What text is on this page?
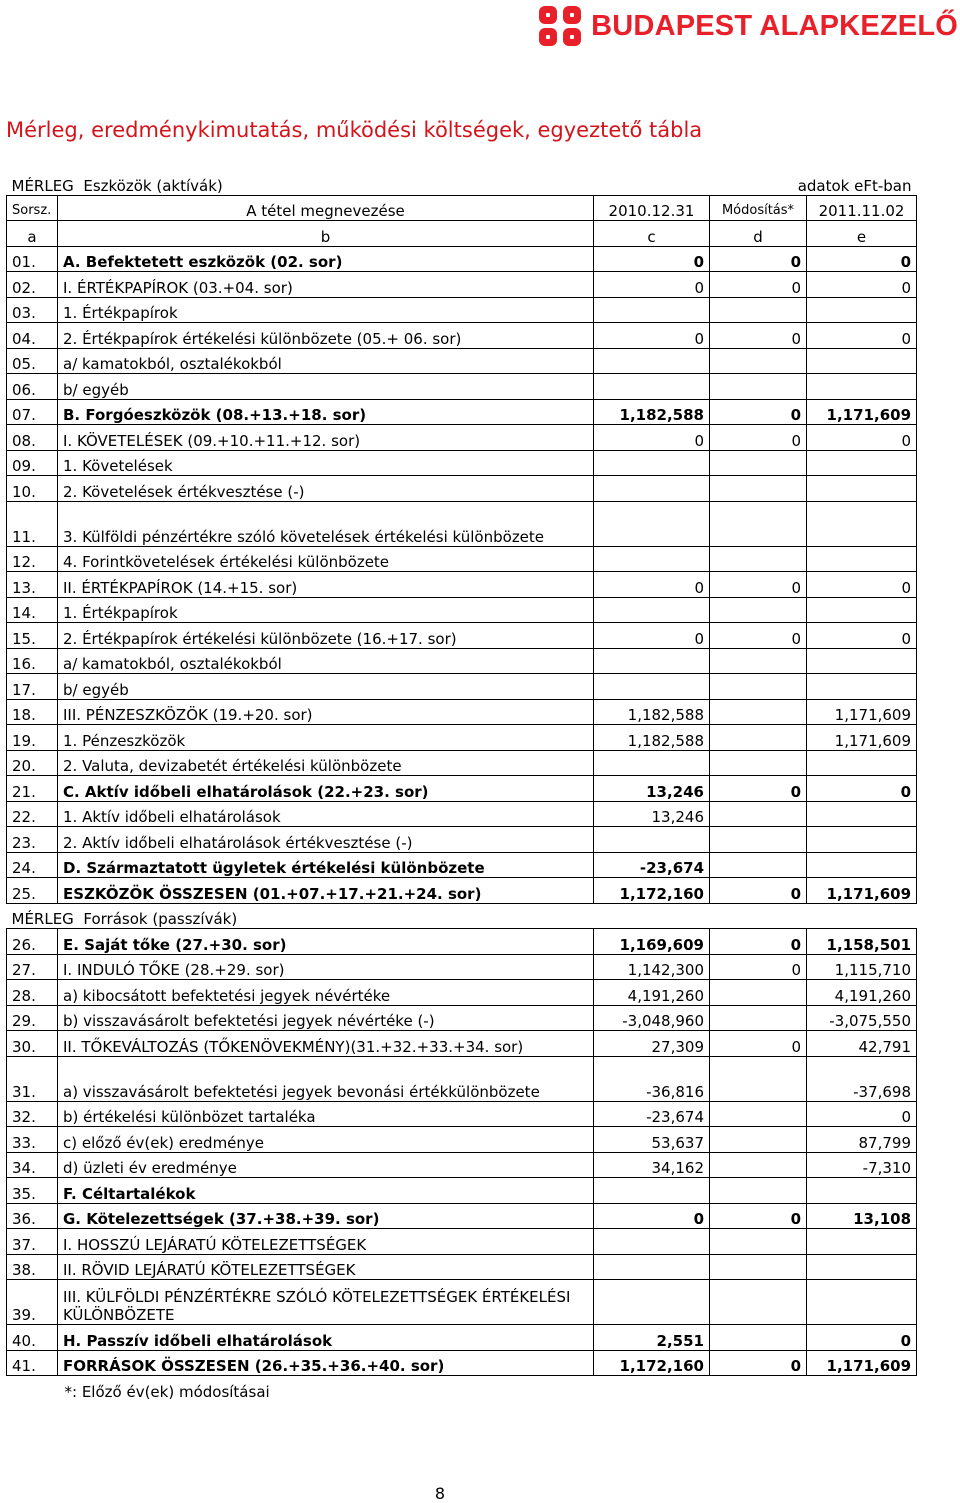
BUDAPEST ALAPKEZELŐ
Mérleg, eredménykimutatás, működési költségek, egyeztető tábla
MÉRLEG Eszközök (aktívák)			adatok eFt-ban	
Sorsz.	A tétel megnevezése	2010.12.31	Módosítás*	2011.11.02
a	b	c	d	e
01.	A. Befektetett eszközök (02. sor)	0	0	0
02.	I. ÉRTÉKPAPÍROK (03.+04. sor)	0	0	0
03.	1. Értékpapírok			
04.	2. Értékpapírok értékelési különbözete (05.+ 06. sor)	0	0	0
05.	a/ kamatokból, osztalékokból			
06.	b/ egyéb			
07.	B. Forgóeszközök (08.+13.+18. sor)	1,182,588	0	1,171,609
08.	I. KÖVETELÉSEK (09.+10.+11.+12. sor)	0	0	0
09.	1. Követelések			
10.	2. Követelések értékvesztése (-)			
11.	3. Külföldi pénzértékre szóló követelések értékelési különbözete			
12.	4. Forintkövetelések értékelési különbözete			
13.	II. ÉRTÉKPAPÍROK (14.+15. sor)	0	0	0
14.	1. Értékpapírok			
15.	2. Értékpapírok értékelési különbözete (16.+17. sor)	0	0	0
16.	a/ kamatokból, osztalékokból			
17.	b/ egyéb			
18.	III. PÉNZESZKÖZÖK (19.+20. sor)	1,182,588		1,171,609
19.	1. Pénzeszközök	1,182,588		1,171,609
20.	2. Valuta, devizabetét értékelési különbözete			
21.	C. Aktív időbeli elhatárolások (22.+23. sor)	13,246	0	0
22.	1. Aktív időbeli elhatárolások	13,246		
23.	2. Aktív időbeli elhatárolások értékvesztése (-)			
24.	D. Származtatott ügyletek értékelési különbözete	-23,674		
25.	ESZKÖZÖK ÖSSZESEN (01.+07.+17.+21.+24. sor)	1,172,160	0	1,171,609
MÉRLEG Források (passzívák)				
26.	E. Saját tőke (27.+30. sor)	1,169,609	0	1,158,501
27.	I. INDULÓ TŐKE (28.+29. sor)	1,142,300	0	1,115,710
28.	a) kibocsátott befektetési jegyek névértéke	4,191,260		4,191,260
29.	b) visszavásárolt befektetési jegyek névértéke (-)	-3,048,960		-3,075,550
30.	II. TŐKEVÁLTOZÁS (TŐKENÖVEKMÉNY)(31.+32.+33.+34. sor)	27,309	0	42,791
31.	a) visszavásárolt befektetési jegyek bevonási értékkülönbözete	-36,816		-37,698
32.	b) értékelési különbözet tartaléka	-23,674		0
33.	c) előző év(ek) eredménye	53,637		87,799
34.	d) üzleti év eredménye	34,162		-7,310
35.	F. Céltartalékok			
36.	G. Kötelezettségek (37.+38.+39. sor)	0	0	13,108
37.	I. HOSSZÚ LEJÁRATÚ KÖTELEZETTSÉGEK			
38.	II. RÖVID LEJÁRATÚ KÖTELEZETTSÉGEK			
39.	III. KÜLFÖLDI PÉNZÉRTÉKRE SZÓLÓ KÖTELEZETTSÉGEK ÉRTÉKELÉSI KÜLÖNBÖZETE			
40.	H. Passzív időbeli elhatárolások	2,551		0
41.	FORRÁSOK ÖSSZESEN (26.+35.+36.+40. sor)	1,172,160	0	1,171,609
*: Előző év(ek) módosításai				
8
